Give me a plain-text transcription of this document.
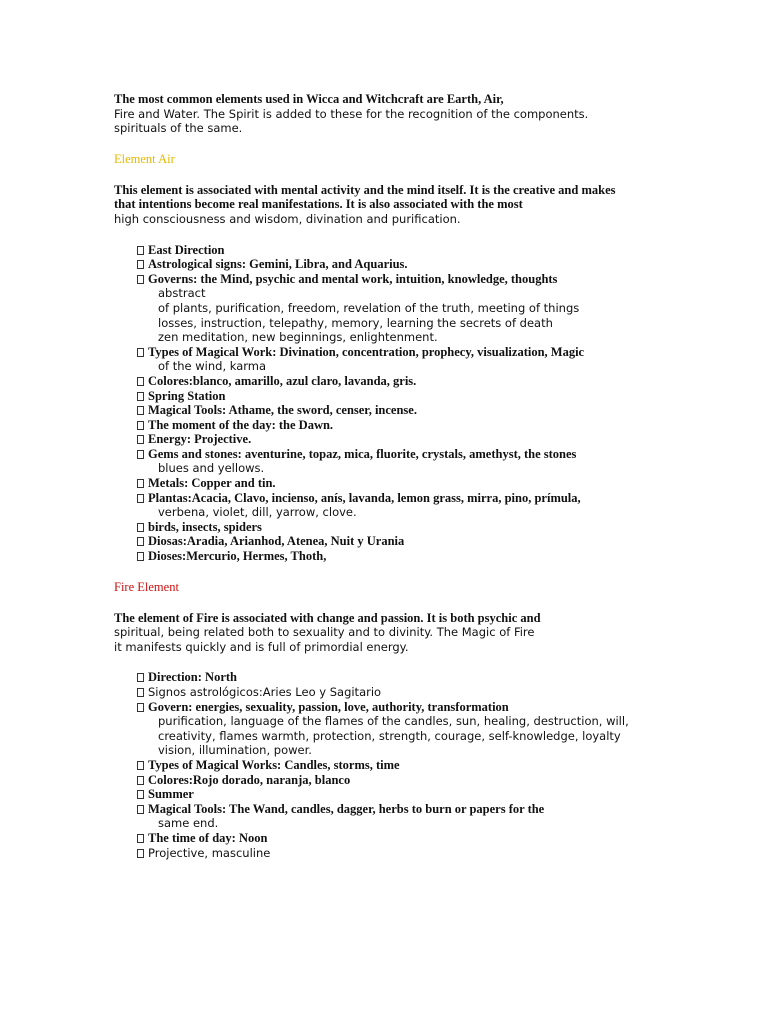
The most common elements used in Wicca and Witchcraft are Earth, Air,
Fire and Water. The Spirit is added to these for the recognition of the components.
spirituals of the same.
Element Air
This element is associated with mental activity and the mind itself. It is the creative and makes
that intentions become real manifestations. It is also associated with the most
high consciousness and wisdom, divination and purification.
East Direction
Astrological signs: Gemini, Libra, and Aquarius.
Governs: the Mind, psychic and mental work, intuition, knowledge, thoughts
abstract
of plants, purification, freedom, revelation of the truth, meeting of things
losses, instruction, telepathy, memory, learning the secrets of death
zen meditation, new beginnings, enlightenment.
Types of Magical Work: Divination, concentration, prophecy, visualization, Magic
of the wind, karma
Colores:blanco, amarillo, azul claro, lavanda, gris.
Spring Station
Magical Tools: Athame, the sword, censer, incense.
The moment of the day: the Dawn.
Energy: Projective.
Gems and stones: aventurine, topaz, mica, fluorite, crystals, amethyst, the stones
blues and yellows.
Metals: Copper and tin.
Plantas:Acacia, Clavo, incienso, anís, lavanda, lemon grass, mirra, pino, prímula,
verbena, violet, dill, yarrow, clove.
birds, insects, spiders
Diosas:Aradia, Arianhod, Atenea, Nuit y Urania
Dioses:Mercurio, Hermes, Thoth,
Fire Element
The element of Fire is associated with change and passion. It is both psychic and
spiritual, being related both to sexuality and to divinity. The Magic of Fire
it manifests quickly and is full of primordial energy.
Direction: North
Signos astrológicos:Aries Leo y Sagitario
Govern: energies, sexuality, passion, love, authority, transformation
purification, language of the flames of the candles, sun, healing, destruction, will,
creativity, flames warmth, protection, strength, courage, self-knowledge, loyalty
vision, illumination, power.
Types of Magical Works: Candles, storms, time
Colores:Rojo dorado, naranja, blanco
Summer
Magical Tools: The Wand, candles, dagger, herbs to burn or papers for the
same end.
The time of day: Noon
Projective, masculine
